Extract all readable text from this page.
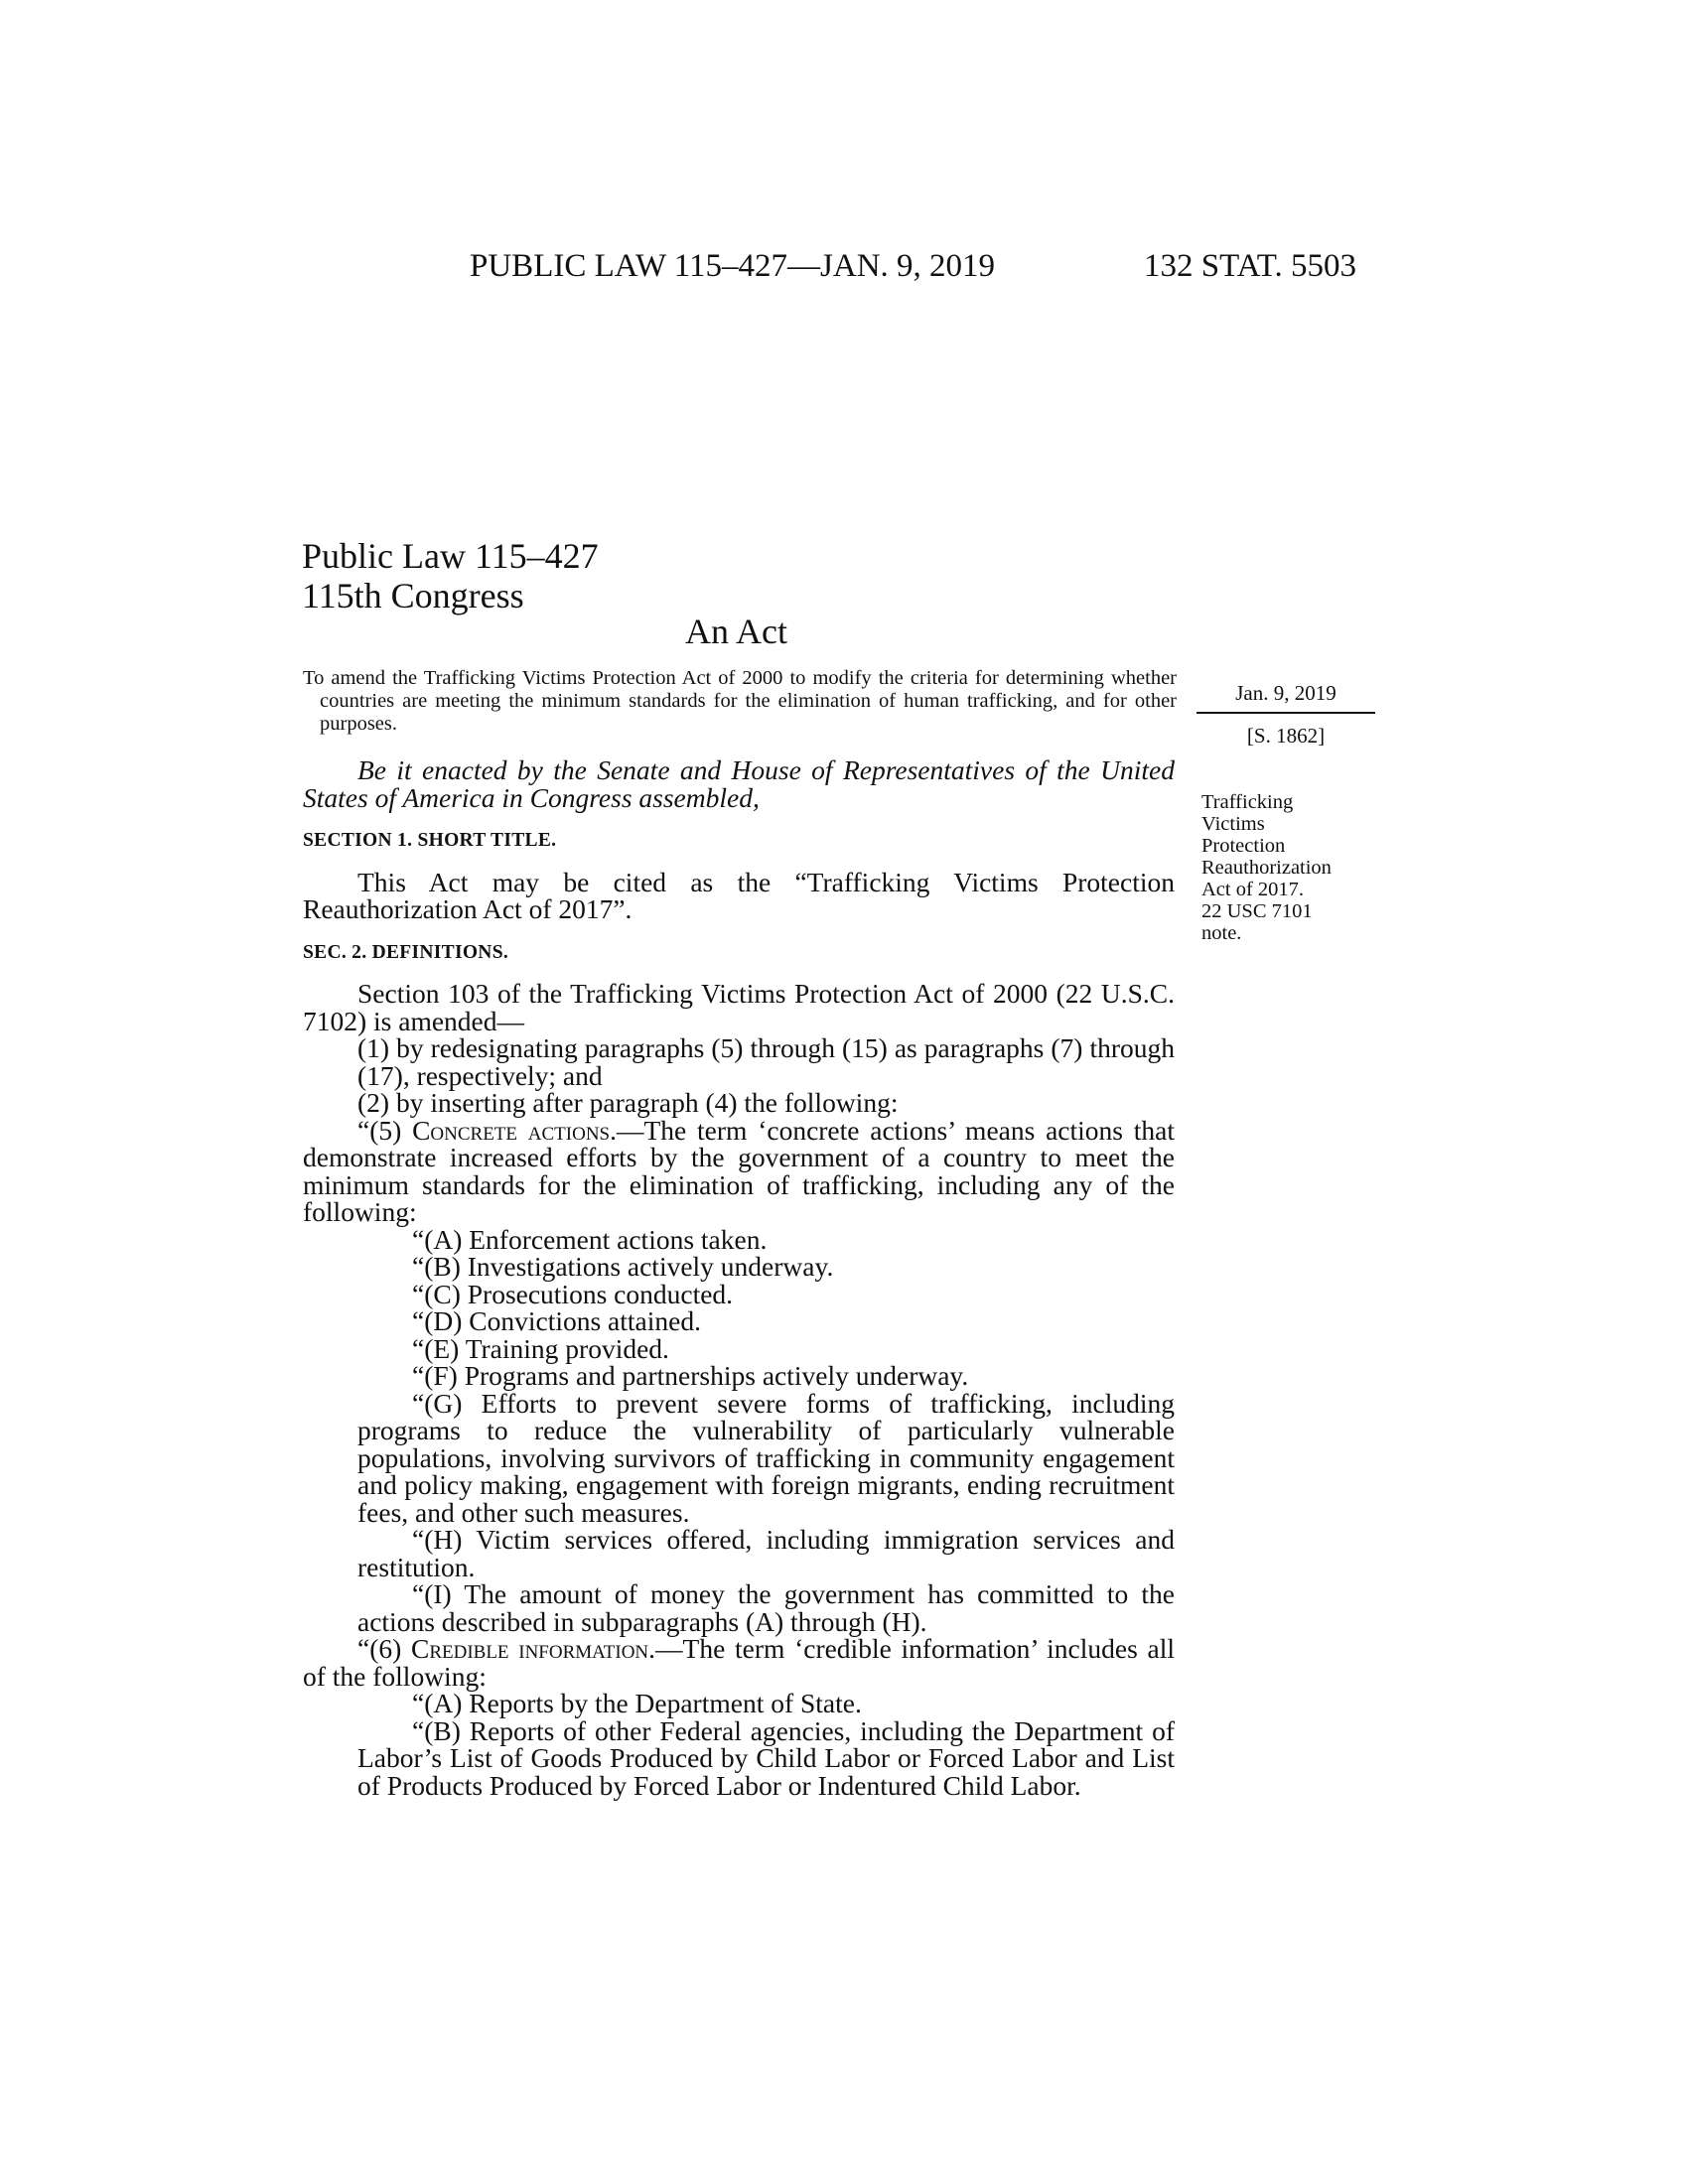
PUBLIC LAW 115–427—JAN. 9, 2019	132 STAT. 5503
Public Law 115–427
115th Congress
An Act
To amend the Trafficking Victims Protection Act of 2000 to modify the criteria for determining whether countries are meeting the minimum standards for the elimination of human trafficking, and for other purposes.
Jan. 9, 2019
[S. 1862]
Trafficking
Victims
Protection
Reauthorization
Act of 2017.
22 USC 7101
note.

Be it enacted by the Senate and House of Representatives of the United States of America in Congress assembled,

SECTION 1. SHORT TITLE.

This Act may be cited as the “Trafficking Victims Protection Reauthorization Act of 2017”.

SEC. 2. DEFINITIONS.

Section 103 of the Trafficking Victims Protection Act of 2000 (22 U.S.C. 7102) is amended—

(1) by redesignating paragraphs (5) through (15) as paragraphs (7) through (17), respectively; and

(2) by inserting after paragraph (4) the following:

“(5) Concrete actions.—The term ‘concrete actions’ means actions that demonstrate increased efforts by the government of a country to meet the minimum standards for the elimination of trafficking, including any of the following:

“(A) Enforcement actions taken.

“(B) Investigations actively underway.

“(C) Prosecutions conducted.

“(D) Convictions attained.

“(E) Training provided.

“(F) Programs and partnerships actively underway.

“(G) Efforts to prevent severe forms of trafficking, including programs to reduce the vulnerability of particularly vulnerable populations, involving survivors of trafficking in community engagement and policy making, engagement with foreign migrants, ending recruitment fees, and other such measures.

“(H) Victim services offered, including immigration services and restitution.

“(I) The amount of money the government has committed to the actions described in subparagraphs (A) through (H).

“(6) Credible information.—The term ‘credible information’ includes all of the following:

“(A) Reports by the Department of State.

“(B) Reports of other Federal agencies, including the Department of Labor’s List of Goods Produced by Child Labor or Forced Labor and List of Products Produced by Forced Labor or Indentured Child Labor.
